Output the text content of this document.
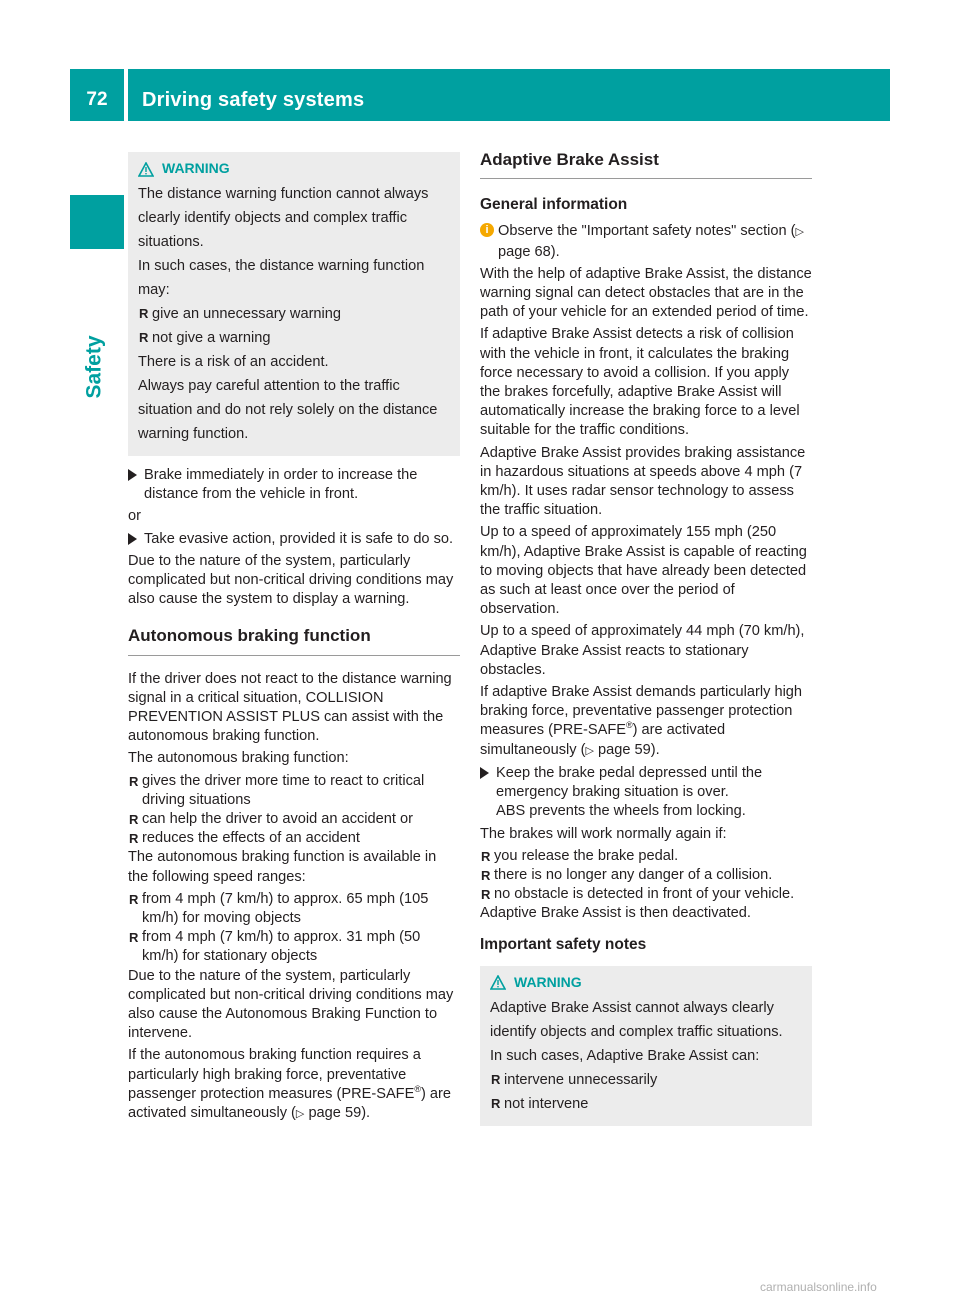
72	Driving safety systems
Safety
WARNING

The distance warning function cannot always clearly identify objects and complex traffic situations.

In such cases, the distance warning function may:

R give an unnecessary warning

R not give a warning

There is a risk of an accident.

Always pay careful attention to the traffic situation and do not rely solely on the distance warning function.

Brake immediately in order to increase the distance from the vehicle in front.

or

Take evasive action, provided it is safe to do so.

Due to the nature of the system, particularly complicated but non-critical driving conditions may also cause the system to display a warning.

Autonomous braking function

If the driver does not react to the distance warning signal in a critical situation, COLLISION PREVENTION ASSIST PLUS can assist with the autonomous braking function.

The autonomous braking function:

R gives the driver more time to react to critical driving situations

R can help the driver to avoid an accident or

R reduces the effects of an accident

The autonomous braking function is available in the following speed ranges:

R from 4 mph (7 km/h) to approx. 65 mph (105 km/h) for moving objects

R from 4 mph (7 km/h) to approx. 31 mph (50 km/h) for stationary objects

Due to the nature of the system, particularly complicated but non-critical driving conditions may also cause the Autonomous Braking Function to intervene.

If the autonomous braking function requires a particularly high braking force, preventative passenger protection measures (PRE-SAFE®) are activated simultaneously (▷ page 59).

Adaptive Brake Assist
General information

i Observe the "Important safety notes" section (▷ page 68).

With the help of adaptive Brake Assist, the distance warning signal can detect obstacles that are in the path of your vehicle for an extended period of time.

If adaptive Brake Assist detects a risk of collision with the vehicle in front, it calculates the braking force necessary to avoid a collision. If you apply the brakes forcefully, adaptive Brake Assist will automatically increase the braking force to a level suitable for the traffic conditions.

Adaptive Brake Assist provides braking assistance in hazardous situations at speeds above 4 mph (7 km/h). It uses radar sensor technology to assess the traffic situation.

Up to a speed of approximately 155 mph (250 km/h), Adaptive Brake Assist is capable of reacting to moving objects that have already been detected as such at least once over the period of observation.

Up to a speed of approximately 44 mph (70 km/h), Adaptive Brake Assist reacts to stationary obstacles.

If adaptive Brake Assist demands particularly high braking force, preventative passenger protection measures (PRE-SAFE®) are activated simultaneously (▷ page 59).

Keep the brake pedal depressed until the emergency braking situation is over.

ABS prevents the wheels from locking.

The brakes will work normally again if:

R you release the brake pedal.

R there is no longer any danger of a collision.

R no obstacle is detected in front of your vehicle.

Adaptive Brake Assist is then deactivated.

Important safety notes
WARNING

Adaptive Brake Assist cannot always clearly identify objects and complex traffic situations.

In such cases, Adaptive Brake Assist can:

R intervene unnecessarily

R not intervene

carmanualsonline.info
